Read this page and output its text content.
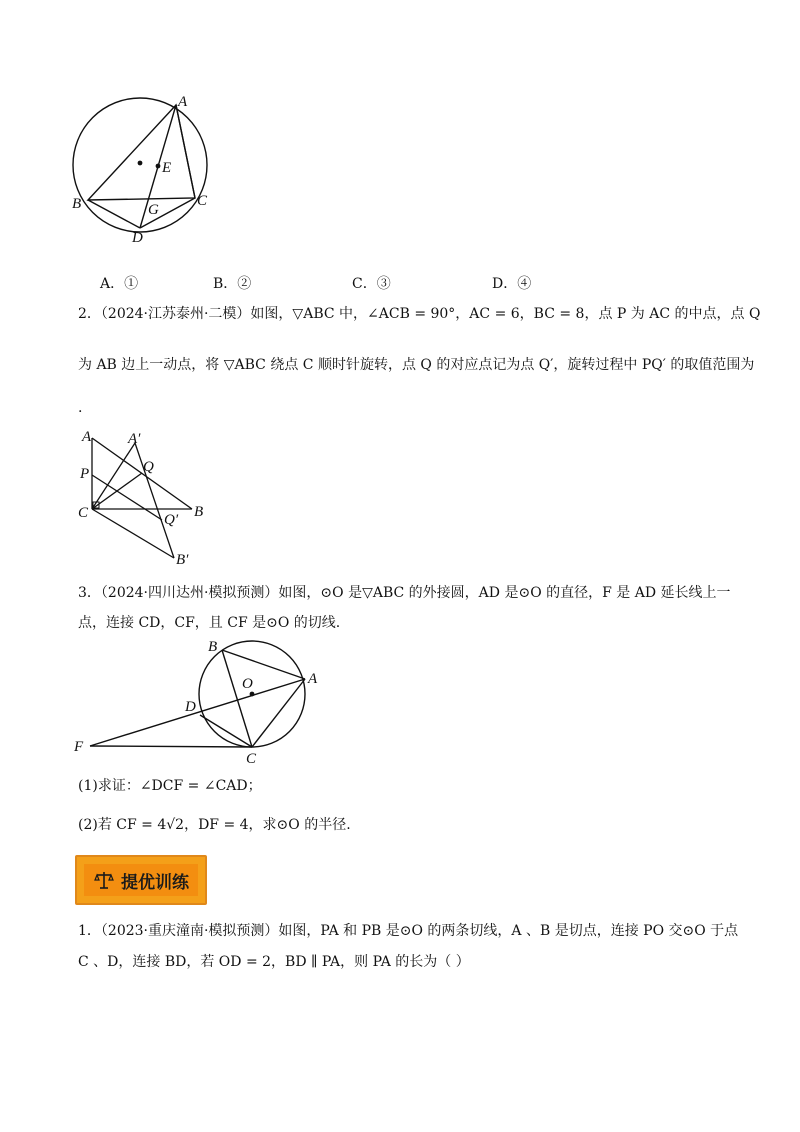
A
E
B	G
C
D
A．①	B．②	C．③	D．④
2．（2024·江苏泰州·二模）如图，▽ABC 中，∠ACB = 90°，AC = 6，BC = 8，点 P 为 AC 的中点，点 Q
为 AB 边上一动点，将 ▽ABC 绕点 C 顺时针旋转，点 Q 的对应点记为点 Q′，旋转过程中 PQ′ 的取值范围为
.
A A′
Q
P
C	Q′ B
B′
3．（2024·四川达州·模拟预测）如图，⊙O 是▽ABC 的外接圆，AD 是⊙O 的直径，F 是 AD 延长线上一
点，连接 CD，CF，且 CF 是⊙O 的切线.
B
O	A
D
F
C
(1)求证：∠DCF = ∠CAD；
(2)若 CF = 4√2，DF = 4，求⊙O 的半径.
提优训练
1．（2023·重庆潼南·模拟预测）如图，PA 和 PB 是⊙O 的两条切线，A 、B 是切点，连接 PO 交⊙O 于点
C 、D，连接 BD，若 OD = 2，BD ∥ PA，则 PA 的长为（ ）
